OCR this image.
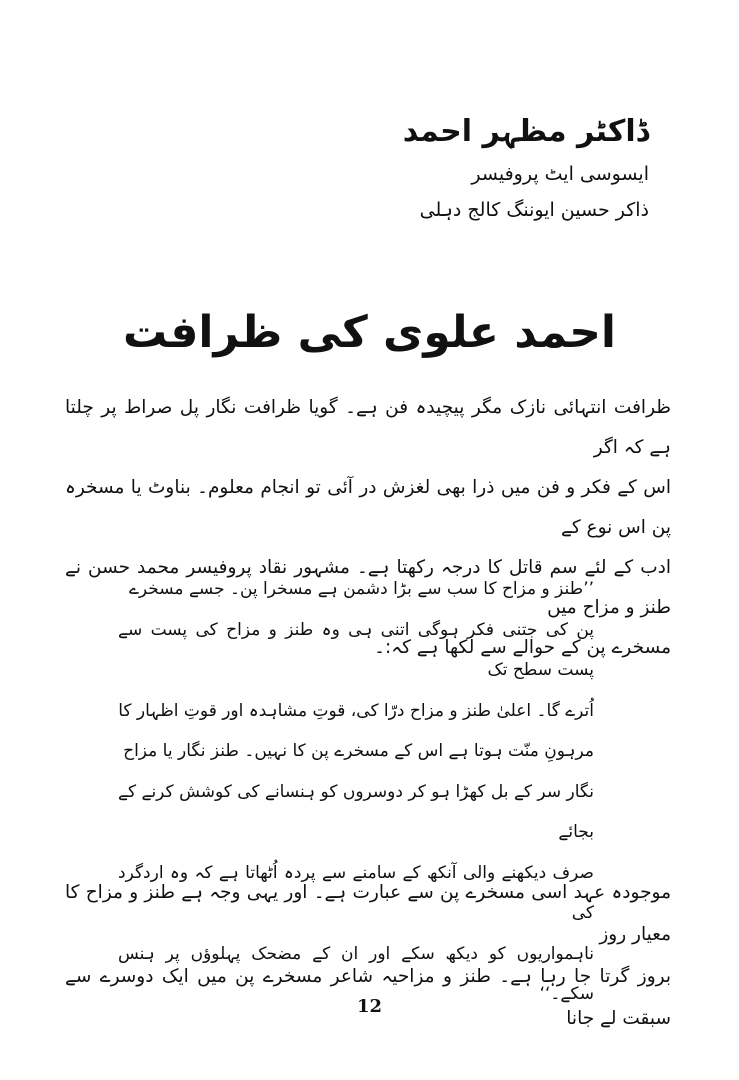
ڈاکٹر مظہر احمد
ایسوسی ایٹ پروفیسر
ذاکر حسین ایوننگ کالج دہلی
احمد علوی کی ظرافت
ظرافت انتہائی نازک مگر پیچیدہ فن ہے۔ گویا ظرافت نگار پل صراط پر چلتا ہے کہ اگر
اس کے فکر و فن میں ذرا بھی لغزش در آئی تو انجام معلوم۔ بناوٹ یا مسخرہ پن اس نوع کے
ادب کے لئے سم قاتل کا درجہ رکھتا ہے۔ مشہور نقاد پروفیسر محمد حسن نے طنز و مزاح میں
مسخرے پن کے حوالے سے لکھا ہے کہ:۔
’’طنز و مزاح کا سب سے بڑا دشمن ہے مسخرا پن۔ جسے مسخرے
پن کی جتنی فکر ہوگی اتنی ہی وہ طنز و مزاح کی پست سے پست سطح تک
اُترے گا۔ اعلیٰ طنز و مزاح درّا کی، قوتِ مشاہدہ اور قوتِ اظہار کا
مرہونِ منّت ہوتا ہے اس کے مسخرے پن کا نہیں۔ طنز نگار یا مزاح
نگار سر کے بل کھڑا ہو کر دوسروں کو ہنسانے کی کوشش کرنے کے بجائے
صرف دیکھنے والی آنکھ کے سامنے سے پردہ اُٹھاتا ہے کہ وہ اردگرد کی
ناہمواریوں کو دیکھ سکے اور ان کے مضحک پہلوؤں پر ہنس سکے۔‘‘
موجودہ عہد اسی مسخرے پن سے عبارت ہے۔ اور یہی وجہ ہے طنز و مزاح کا معیار روز
بروز گرتا جا رہا ہے۔ طنز و مزاحیہ شاعر مسخرے پن میں ایک دوسرے سے سبقت لے جانا
12
